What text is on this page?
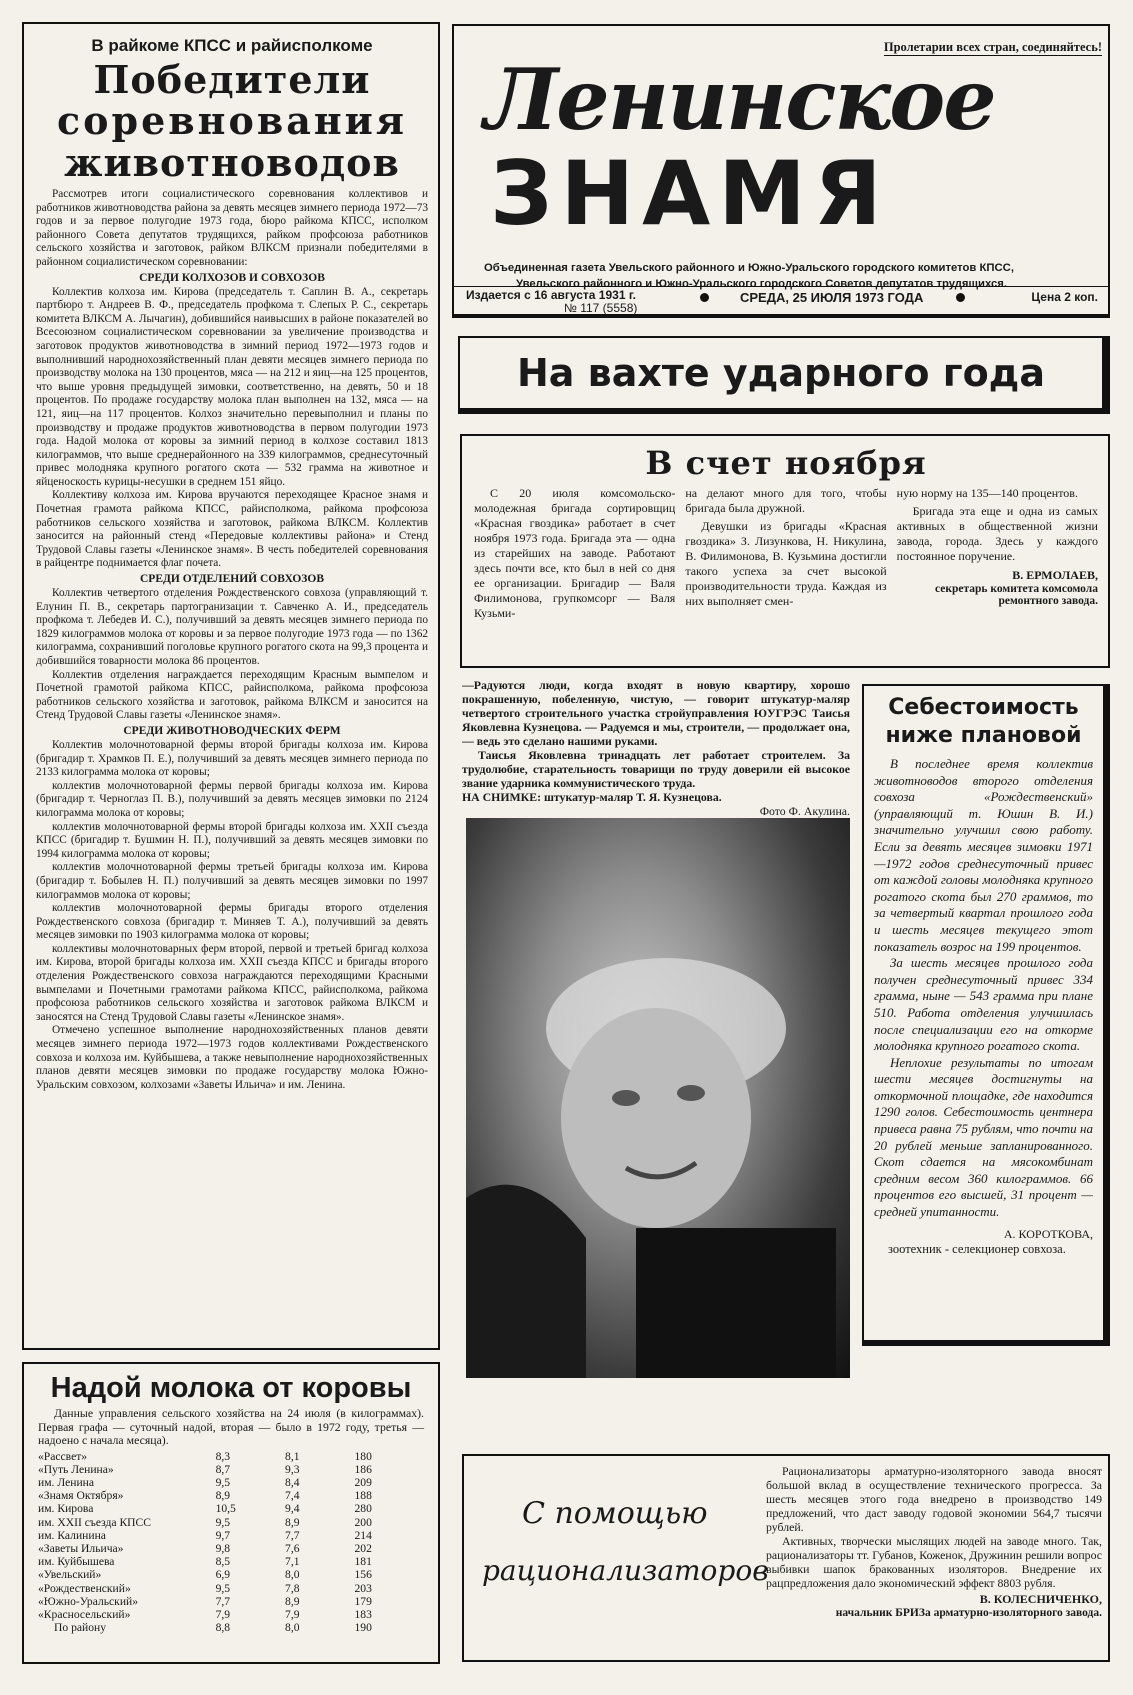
В райкоме КПСС и райисполкоме
Победители
соревнования
животноводов

Рассмотрев итоги социалистического соревнования коллективов и работников животноводства района за девять месяцев зимнего периода 1972—73 годов и за первое полугодие 1973 года, бюро райкома КПСС, исполком районного Совета депутатов трудящихся, райком профсоюза работников сельского хозяйства и заготовок, райком ВЛКСМ признали победителями в районном социалистическом соревновании:

СРЕДИ КОЛХОЗОВ И СОВХОЗОВ

Коллектив колхоза им. Кирова (председатель т. Саплин В. А., секретарь партбюро т. Андреев В. Ф., председатель профкома т. Слепых Р. С., секретарь комитета ВЛКСМ А. Лычагин), добившийся наивысших в районе показателей во Всесоюзном социалистическом соревновании за увеличение производства и заготовок продуктов животноводства в зимний период 1972—1973 годов и выполнивший народнохозяйственный план девяти месяцев зимнего периода по производству молока на 130 процентов, мяса — на 212 и яиц—на 125 процентов, что выше уровня предыдущей зимовки, соответственно, на девять, 50 и 18 процентов. По продаже государству молока план выполнен на 132, мяса — на 121, яиц—на 117 процентов. Колхоз значительно перевыполнил и планы по производству и продаже продуктов животноводства в первом полугодии 1973 года. Надой молока от коровы за зимний период в колхозе составил 1813 килограммов, что выше среднерайонного на 339 килограммов, среднесуточный привес молодняка крупного рогатого скота — 532 грамма на животное и яйценоскость курицы-несушки в среднем 151 яйцо.

Коллективу колхоза им. Кирова вручаются переходящее Красное знамя и Почетная грамота райкома КПСС, райисполкома, райкома профсоюза работников сельского хозяйства и заготовок, райкома ВЛКСМ. Коллектив заносится на районный стенд «Передовые коллективы района» и Стенд Трудовой Славы газеты «Ленинское знамя». В честь победителей соревнования в райцентре поднимается флаг почета.

СРЕДИ ОТДЕЛЕНИЙ СОВХОЗОВ

Коллектив четвертого отделения Рождественского совхоза (управляющий т. Елунин П. В., секретарь партогранизации т. Савченко А. И., председатель профкома т. Лебедев И. С.), получивший за девять месяцев зимнего периода по 1829 килограммов молока от коровы и за первое полугодие 1973 года — по 1362 килограмма, сохранивший поголовье крупного рогатого скота на 99,3 процента и добившийся товарности молока 86 процентов.

Коллектив отделения награждается переходящим Красным вымпелом и Почетной грамотой райкома КПСС, райисполкома, райкома профсоюза работников сельского хозяйства и заготовок, райкома ВЛКСМ и заносится на Стенд Трудовой Славы газеты «Ленинское знамя».

СРЕДИ ЖИВОТНОВОДЧЕСКИХ ФЕРМ

Коллектив молочнотоварной фермы второй бригады колхоза им. Кирова (бригадир т. Храмков П. Е.), получивший за девять месяцев зимнего периода по 2133 килограмма молока от коровы;

коллектив молочнотоварной фермы первой бригады колхоза им. Кирова (бригадир т. Черноглаз П. В.), получивший за девять месяцев зимовки по 2124 килограмма молока от коровы;

коллектив молочнотоварной фермы второй бригады колхоза им. XXII съезда КПСС (бригадир т. Бушмин Н. П.), получивший за девять месяцев зимовки по 1994 килограмма молока от коровы;

коллектив молочнотоварной фермы третьей бригады колхоза им. Кирова (бригадир т. Бобылев Н. П.) получивший за девять месяцев зимовки по 1997 килограммов молока от коровы;

коллектив молочнотоварной фермы бригады второго отделения Рождественского совхоза (бригадир т. Миняев Т. А.), получивший за девять месяцев зимовки по 1903 килограмма молока от коровы;

коллективы молочнотоварных ферм второй, первой и третьей бригад колхоза им. Кирова, второй бригады колхоза им. XXII съезда КПСС и бригады второго отделения Рождественского совхоза награждаются переходящими Красными вымпелами и Почетными грамотами райкома КПСС, райисполкома, райкома профсоюза работников сельского хозяйства и заготовок райкома ВЛКСМ и заносятся на Стенд Трудовой Славы газеты «Ленинское знамя».

Отмечено успешное выполнение народнохозяйственных планов девяти месяцев зимнего периода 1972—1973 годов коллективами Рождественского совхоза и колхоза им. Куйбышева, а также невыполнение народнохозяйственных планов девяти месяцев зимовки по продаже государству молока Южно-Уральским совхозом, колхозами «Заветы Ильича» и им. Ленина.

Надой молока от коровы

Данные управления сельского хозяйства на 24 июля (в килограммах). Первая графа — суточный надой, вторая — было в 1972 году, третья —надоено с начала месяца).

«Рассвет»	8,3	8,1	180
«Путь Ленина»	8,7	9,3	186
им. Ленина	9,5	8,4	209
«Знамя Октября»	8,9	7,4	188
им. Кирова	10,5	9,4	280
им. XXII съезда КПСС	9,5	8,9	200
им. Калинина	9,7	7,7	214
«Заветы Ильича»	9,8	7,6	202
им. Куйбышева	8,5	7,1	181
«Увельский»	6,9	8,0	156
«Рождественский»	9,5	7,8	203
«Южно-Уральский»	7,7	8,9	179
«Красносельский»	7,9	7,9	183
По району	8,8	8,0	190
Пролетарии всех стран, соединяйтесь!
Ленинское
ЗНАМЯ
Объединенная газета Увельского районного и Южно-Уральского городского комитетов КПСС,
Увельского районного и Южно-Уральского городского Советов депутатов трудящихся.
Издается с 16 августа 1931 г.
№ 117 (5558)
СРЕДА, 25 ИЮЛЯ 1973 ГОДА	Цена 2 коп.
На вахте ударного года
В счет ноября

С 20 июля комсомольско-молодежная бригада сортировщиц «Красная гвоздика» работает в счет ноября 1973 года. Бригада эта — одна из старейших на заводе. Работают здесь почти все, кто был в ней со дня ее организации. Бригадир — Валя Филимонова, групкомсорг — Валя Кузьми-

на делают много для того, чтобы бригада была дружной.

Девушки из бригады «Красная гвоздика» З. Лизункова, Н. Никулина, В. Филимонова, В. Кузьмина достигли такого успеха за счет высокой производительности труда. Каждая из них выполняет смен-

ную норму на 135—140 процентов.

Бригада эта еще и одна из самых активных в общественной жизни завода, города. Здесь у каждого постоянное поручение.

В. ЕРМОЛАЕВ,
секретарь комитета комсомола ремонтного завода.

—Радуются люди, когда входят в новую квартиру, хорошо покрашенную, побеленную, чистую, — говорит штукатур-маляр четвертого строительного участка стройуправления ЮУГРЭС Таисья Яковлевна Кузнецова. — Радуемся и мы, строители, — продолжает она, — ведь это сделано нашими руками.

Таисья Яковлевна тринадцать лет работает строителем. За трудолюбие, старательность товарищи по труду доверили ей высокое звание ударника коммунистического труда.

НА СНИМКЕ: штукатур-маляр Т. Я. Кузнецова.

Фото Ф. Акулина.

Себестоимость
ниже плановой

В последнее время коллектив животноводов второго отделения совхоза «Рождественский» (управляющий т. Юшин В. И.) значительно улучшил свою работу. Если за девять месяцев зимовки 1971—1972 годов среднесуточный привес от каждой головы молодняка крупного рогатого скота был 270 граммов, то за четвертый квартал прошлого года и шесть месяцев текущего этот показатель возрос на 199 процентов.

За шесть месяцев прошлого года получен среднесуточный привес 334 грамма, ныне — 543 грамма при плане 510. Работа отделения улучшилась после специализации его на откорме молодняка крупного рогатого скота.

Неплохие результаты по итогам шести месяцев достигнуты на откормочной площадке, где находится 1290 голов. Себестоимость центнера привеса равна 75 рублям, что почти на 20 рублей меньше запланированного. Скот сдается на мясокомбинат средним весом 360 килограммов. 66 процентов его высшей, 31 процент — средней упитанности.

А. КОРОТКОВА,
зоотехник - селекционер совхоза.
С помощью
рационализаторов

Рационализаторы арматурно-изоляторного завода вносят большой вклад в осуществление технического прогресса. За шесть месяцев этого года внедрено в производство 149 предложений, что даст заводу годовой экономии 564,7 тысячи рублей.

Активных, творчески мыслящих людей на заводе много. Так, рационализаторы тт. Губанов, Коженок, Дружинин решили вопрос выбивки шапок бракованных изоляторов. Внедрение их рацпредложения дало экономический эффект 8803 рубля.

В. КОЛЕСНИЧЕНКО,
начальник БРИЗа арматурно-изоляторного завода.
